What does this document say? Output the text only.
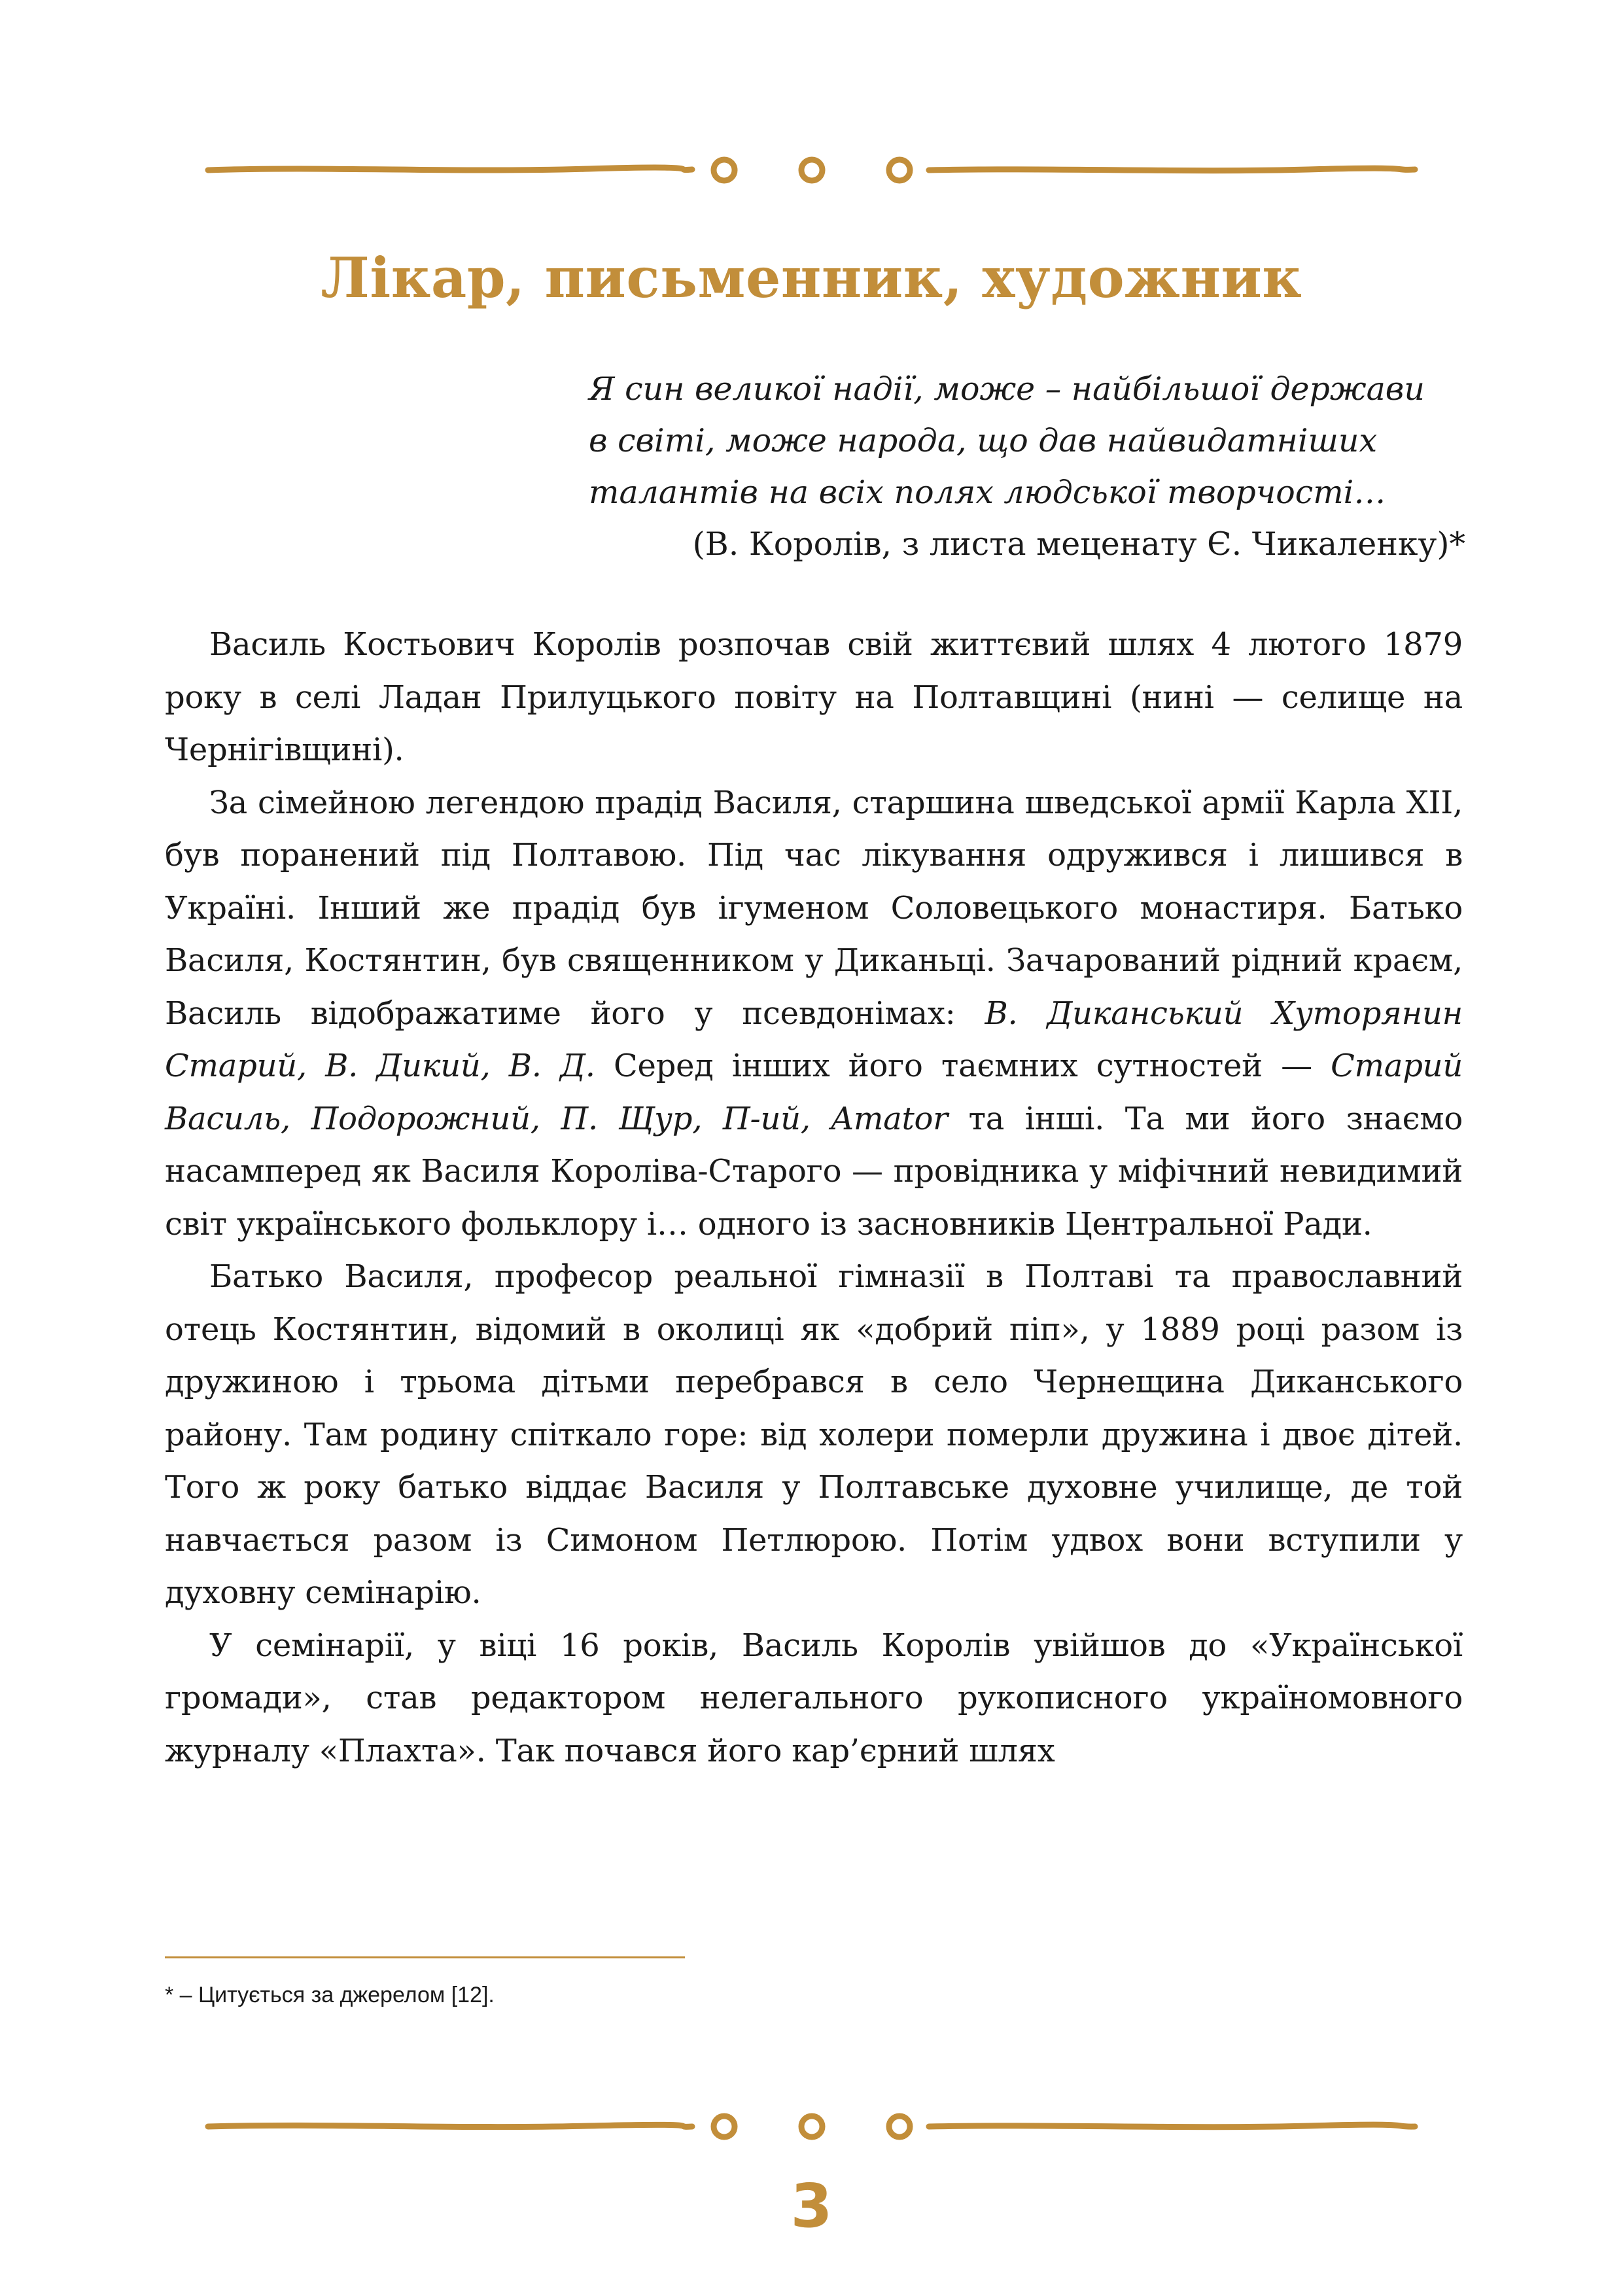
Лікар, письменник, художник
Я син великої надії, може – найбільшої держави
в світі, може народа, що дав найвидатніших
талантів на всіх полях людської творчості…
(В. Королів, з листа меценату Є. Чикаленку)*

Василь Костьович Королів розпочав свій життєвий шлях 4 лютого 1879 року в селі Ладан Прилуцького повіту на Полтавщині (нині — селище на Чернігівщині).

За сімейною легендою прадід Василя, старшина шведської армії Карла XII, був поранений під Полтавою. Під час лікування одружився і лишився в Україні. Інший же прадід був ігуменом Соловецького монастиря. Батько Василя, Костянтин, був священником у Диканьці. Зачарований рідний краєм, Василь відображатиме його у псевдонімах: В. Диканський Хуторянин Старий, В. Дикий, В. Д. Серед інших його таємних сутностей — Старий Василь, Подорожний, П. Щур, П-ий, Amator та інші. Та ми його знаємо насамперед як Василя Короліва-Старого — провідника у міфічний невидимий світ українського фольклору і… одного із засновників Центральної Ради.

Батько Василя, професор реальної гімназії в Полтаві та православний отець Костянтин, відомий в околиці як «добрий піп», у 1889 році разом із дружиною і трьома дітьми перебрався в село Чернещина Диканського району. Там родину спіткало горе: від холери померли дружина і двоє дітей. Того ж року батько віддає Василя у Полтавське духовне училище, де той навчається разом із Симоном Петлюрою. Потім удвох вони вступили у духовну семінарію.

У семінарії, у віці 16 років, Василь Королів увійшов до «Української громади», став редактором нелегального рукописного україномовного журналу «Плахта». Так почався його кар’єрний шлях

* – Цитується за джерелом [12].
3
